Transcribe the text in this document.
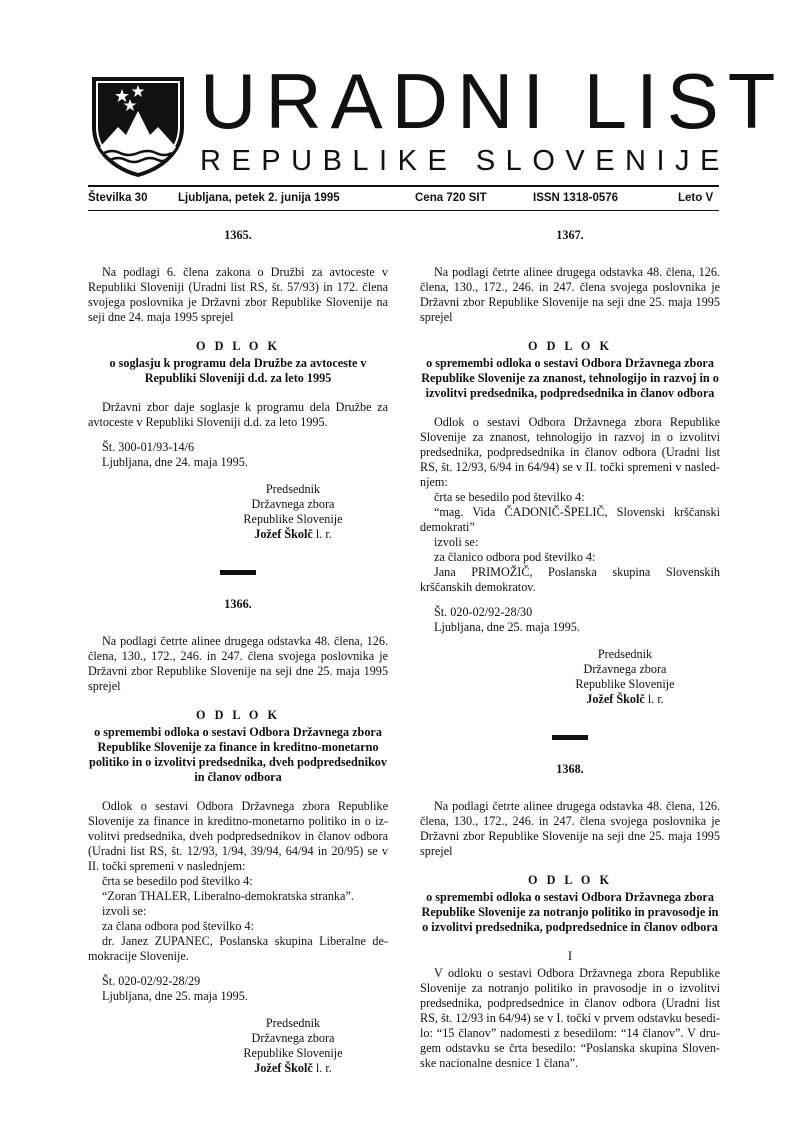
URADNI LIST
REPUBLIKE SLOVENIJE
Številka 30	Ljubljana, petek 2. junija 1995	Cena 720 SIT	ISSN 1318-0576	Leto V
1365.

Na podlagi 6. člena zakona o Družbi za avtoceste v Republiki Sloveniji (Uradni list RS, št. 57/93) in 172. člena svojega poslovnika je Državni zbor Republike Slovenije na seji dne 24. maja 1995 sprejel

O D L O K
o soglasju k programu dela Družbe za avtoceste v Republiki Sloveniji d.d. za leto 1995

Državni zbor daje soglasje k programu dela Družbe za avtoceste v Republiki Sloveniji d.d. za leto 1995.

Št. 300-01/93-14/6

Ljubljana, dne 24. maja 1995.

Predsednik
Državnega zbora
Republike Slovenije
Jožef Školč l. r.
1366.

Na podlagi četrte alinee drugega odstavka 48. člena, 126. člena, 130., 172., 246. in 247. člena svojega poslovnika je Državni zbor Republike Slovenije na seji dne 25. maja 1995 sprejel

O D L O K
o spremembi odloka o sestavi Odbora Državnega zbora Republike Slovenije za finance in kreditno-monetarno politiko in o izvolitvi predsednika, dveh podpredsednikov in članov odbora

Odlok o sestavi Odbora Državnega zbora Republike Slovenije za finance in kreditno-monetarno politiko in o iz-volitvi predsednika, dveh podpredsednikov in članov odbora (Uradni list RS, št. 12/93, 1/94, 39/94, 64/94 in 20/95) se v II. točki spremeni v naslednjem:

črta se besedilo pod številko 4:

“Zoran THALER, Liberalno-demokratska stranka”.

izvoli se:

za člana odbora pod številko 4:

dr. Janez ZUPANEC, Poslanska skupina Liberalne de-mokracije Slovenije.

Št. 020-02/92-28/29

Ljubljana, dne 25. maja 1995.

Predsednik
Državnega zbora
Republike Slovenije
Jožef Školč l. r.
1367.

Na podlagi četrte alinee drugega odstavka 48. člena, 126. člena, 130., 172., 246. in 247. člena svojega poslovnika je Državni zbor Republike Slovenije na seji dne 25. maja 1995 sprejel

O D L O K
o spremembi odloka o sestavi Odbora Državnega zbora Republike Slovenije za znanost, tehnologijo in razvoj in o izvolitvi predsednika, podpredsednika in članov odbora

Odlok o sestavi Odbora Državnega zbora Republike Slovenije za znanost, tehnologijo in razvoj in o izvolitvi predsednika, podpredsednika in članov odbora (Uradni list RS, št. 12/93, 6/94 in 64/94) se v II. točki spremeni v nasled-njem:

črta se besedilo pod številko 4:

“mag. Vida ČADONIČ-ŠPELIČ, Slovenski krščanski demokrati”

izvoli se:

za članico odbora pod številko 4:

Jana PRIMOŽIČ, Poslanska skupina Slovenskih krščanskih demokratov.

Št. 020-02/92-28/30

Ljubljana, dne 25. maja 1995.

Predsednik
Državnega zbora
Republike Slovenije
Jožef Školč l. r.
1368.

Na podlagi četrte alinee drugega odstavka 48. člena, 126. člena, 130., 172., 246. in 247. člena svojega poslovnika je Državni zbor Republike Slovenije na seji dne 25. maja 1995 sprejel

O D L O K
o spremembi odloka o sestavi Odbora Državnega zbora Republike Slovenije za notranjo politiko in pravosodje in o izvolitvi predsednika, podpredsednice in članov odbora
I

V odloku o sestavi Odbora Državnega zbora Republike Slovenije za notranjo politiko in pravosodje in o izvolitvi predsednika, podpredsednice in članov odbora (Uradni list RS, št. 12/93 in 64/94) se v I. točki v prvem odstavku besedi-lo: “15 članov” nadomesti z besedilom: “14 članov”. V dru-gem odstavku se črta besedilo: “Poslanska skupina Sloven-ske nacionalne desnice 1 člana”.
